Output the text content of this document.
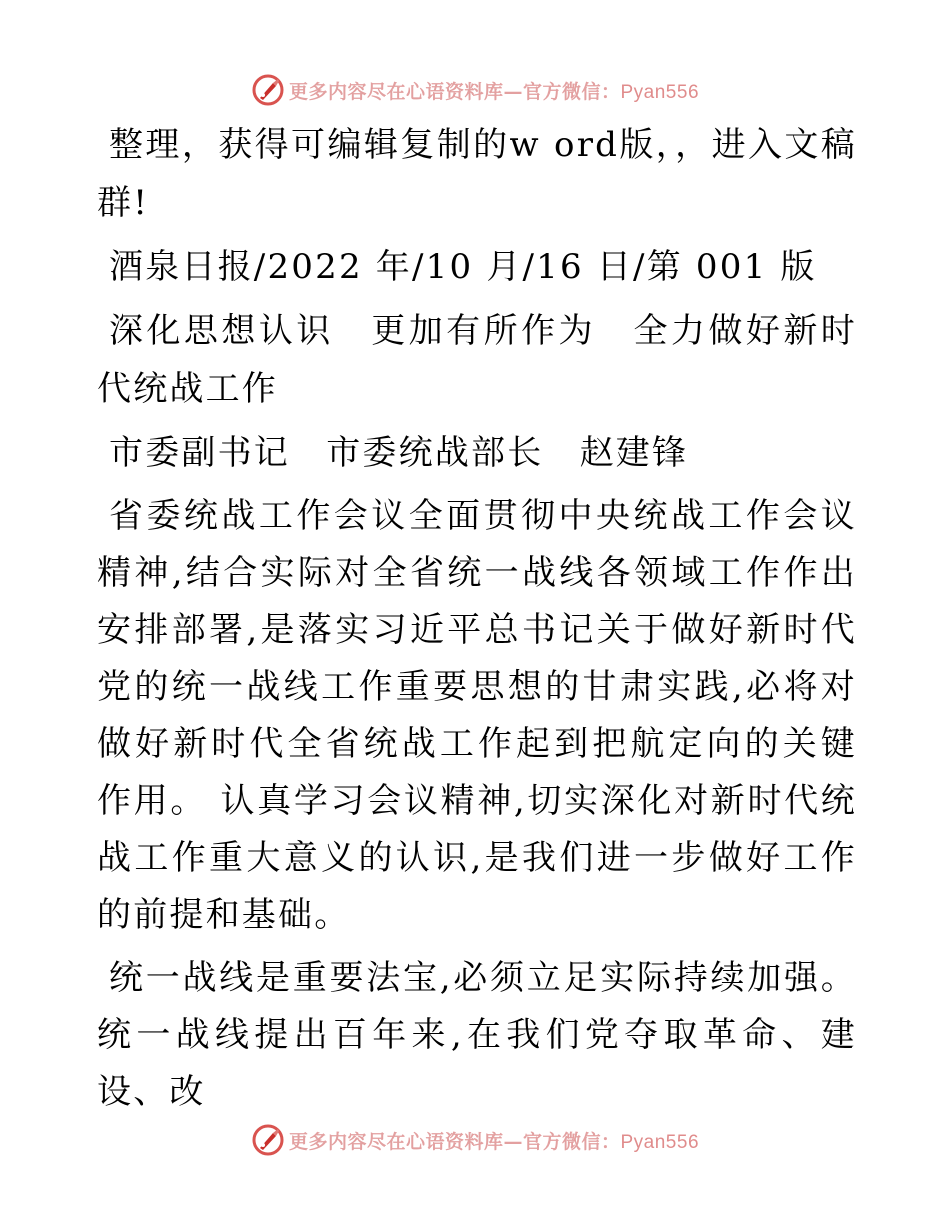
更多内容尽在心语资料库—官方微信：Pyan556

整理，获得可编辑复制的w ord版，，进入文稿群!

酒泉日报/2022 年/10 月/16 日/第 001 版

深化思想认识　更加有所作为　全力做好新时代统战工作

市委副书记　市委统战部长　赵建锋

省委统战工作会议全面贯彻中央统战工作会议精神,结合实际对全省统一战线各领域工作作出安排部署,是落实习近平总书记关于做好新时代党的统一战线工作重要思想的甘肃实践,必将对做好新时代全省统战工作起到把航定向的关键作用。 认真学习会议精神,切实深化对新时代统战工作重大意义的认识,是我们进一步做好工作的前提和基础。

统一战线是重要法宝,必须立足实际持续加强。统一战线提出百年来,在我们党夺取革命、建设、改

更多内容尽在心语资料库—官方微信：Pyan556
